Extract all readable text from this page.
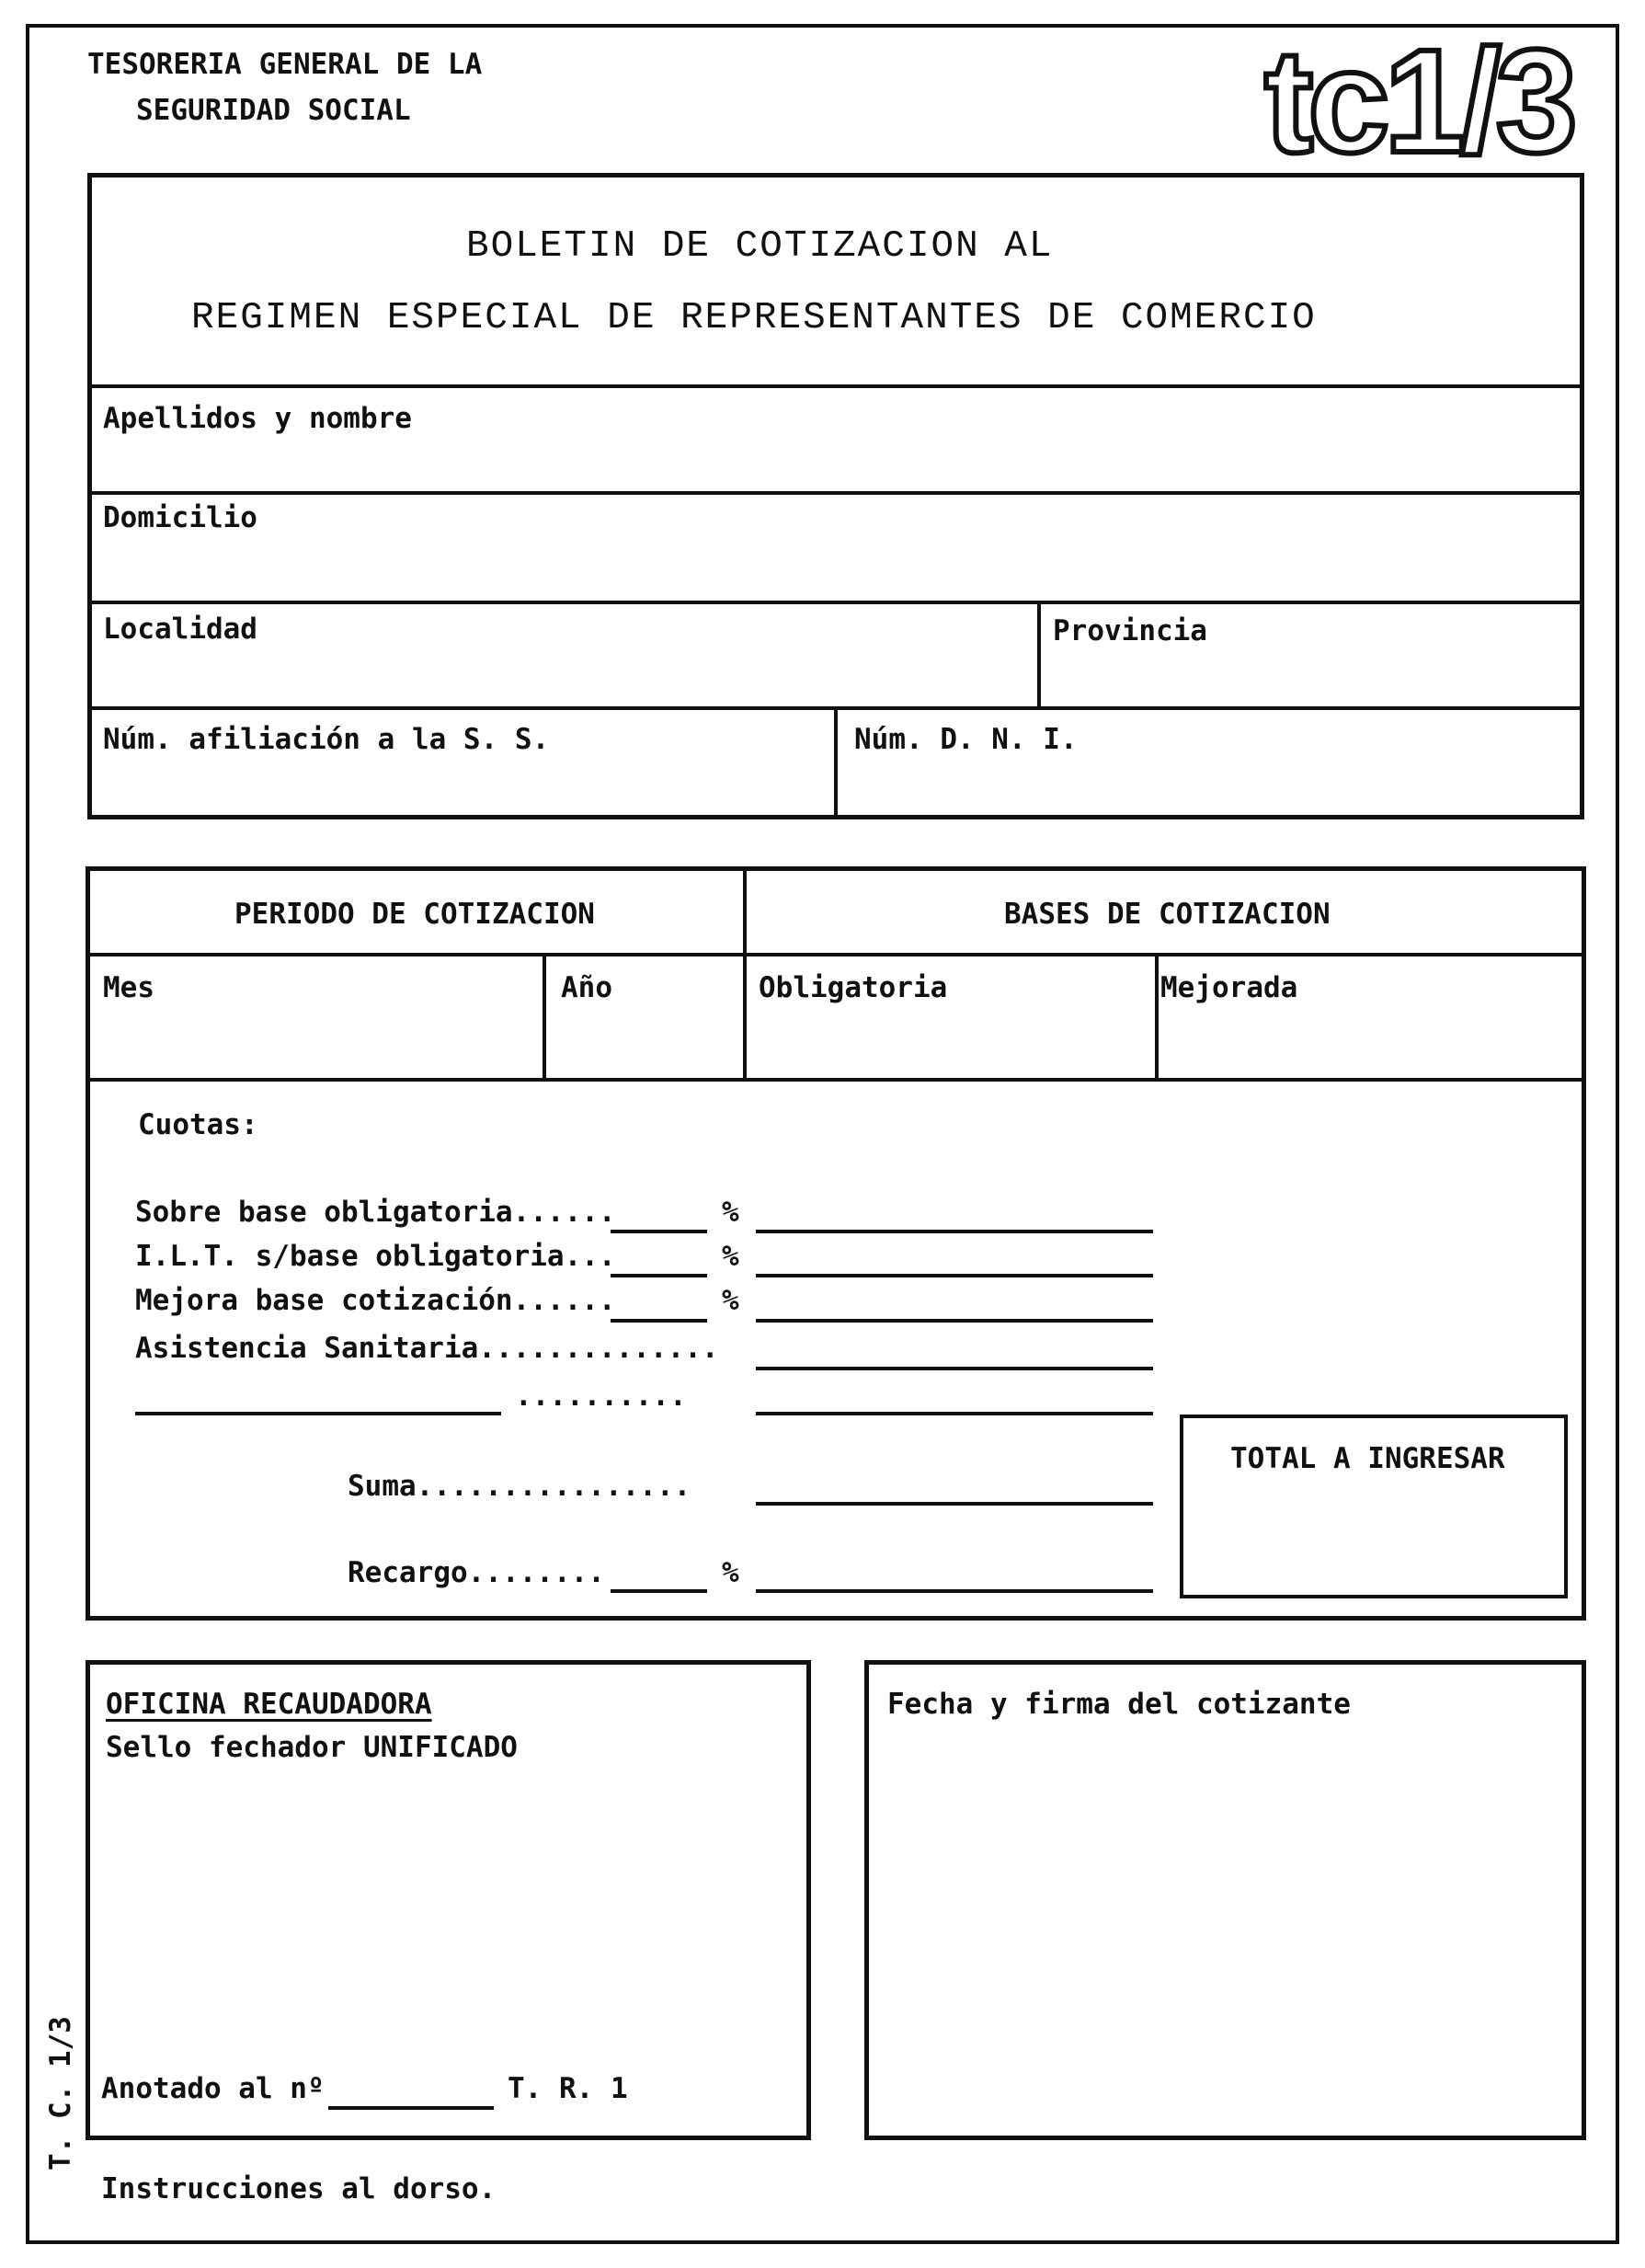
TESORERIA GENERAL DE LA
SEGURIDAD SOCIAL	tc1/3
BOLETIN DE COTIZACION AL
REGIMEN ESPECIAL DE REPRESENTANTES DE COMERCIO
Apellidos y nombre
Domicilio
Localidad	Provincia
Núm. afiliación a la S. S.	Núm. D. N. I.
PERIODO DE COTIZACION	BASES DE COTIZACION
Mes	Año	Obligatoria	Mejorada
Cuotas:
Sobre base obligatoria......	%
I.L.T. s/base obligatoria...	%
Mejora base cotización......	%
Asistencia Sanitaria..............
..........
TOTAL A INGRESAR
Suma................
Recargo........	%
OFICINA RECAUDADORA
Sello fechador UNIFICADO
Anotado al nº	T. R. 1
T. C. 1/3
Fecha y firma del cotizante
Instrucciones al dorso.
